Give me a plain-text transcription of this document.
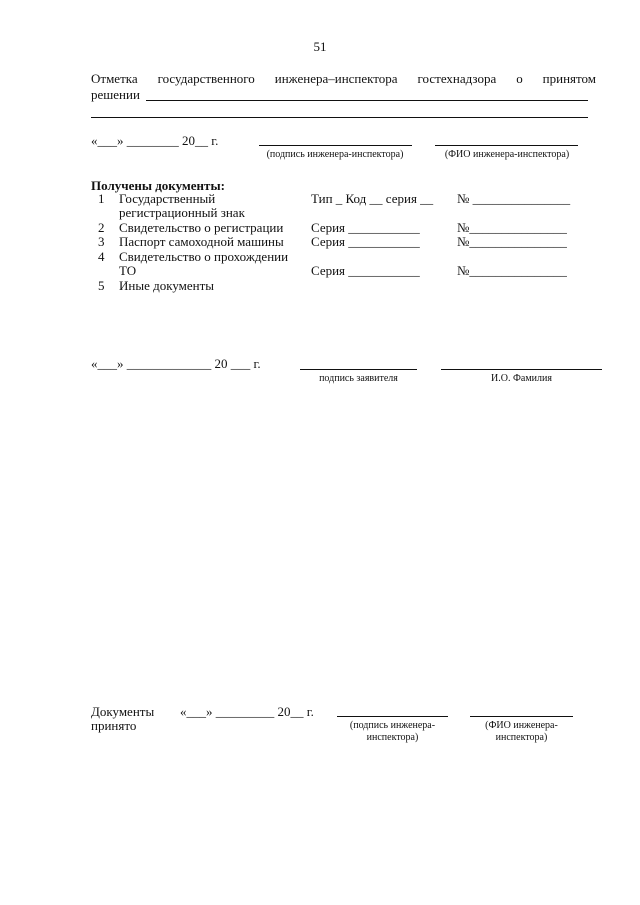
51
Отметка государственного инженера–инспектора гостехнадзора о принятом
решении
«___» ________ 20__ г.
(подпись инженера-инспектора)	(ФИО инженера-инспектора)
Получены документы:
1 Государственный
регистрационный знак
Тип _ Код __ серия __ № _______________
2 Свидетельство о регистрации Серия ___________	№_______________
3 Паспорт самоходной машины Серия ___________	№_______________
4 Свидетельство о прохождении
ТО	Серия ___________	№_______________
5 Иные документы
«___» _____________ 20 ___ г.
подпись заявителя	И.О. Фамилия
Документы
принято
«___» _________ 20__ г.
(подпись инженера-
инспектора)
(ФИО инженера-
инспектора)
